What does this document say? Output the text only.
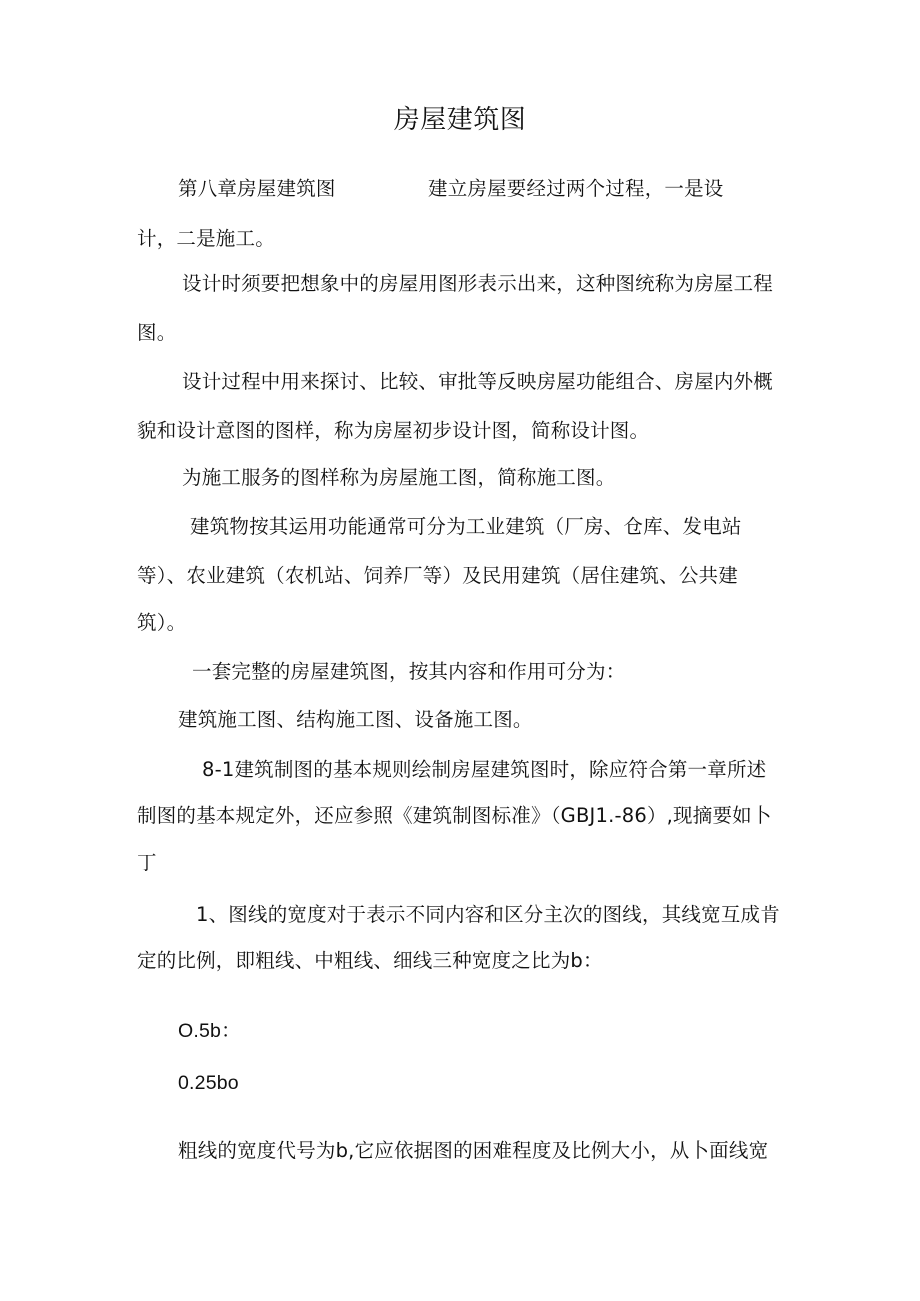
房屋建筑图
第八章房屋建筑图	建立房屋要经过两个过程，一是设
计，二是施工。
设计时须要把想象中的房屋用图形表示出来，这种图统称为房屋工程
图。
设计过程中用来探讨、比较、审批等反映房屋功能组合、房屋内外概
貌和设计意图的图样，称为房屋初步设计图，简称设计图。
为施工服务的图样称为房屋施工图，简称施工图。
建筑物按其运用功能通常可分为工业建筑（厂房、仓库、发电站
等）、农业建筑（农机站、饲养厂等）及民用建筑（居住建筑、公共建
筑）。
一套完整的房屋建筑图，按其内容和作用可分为：
建筑施工图、结构施工图、设备施工图。
8-1建筑制图的基本规则绘制房屋建筑图时，除应符合第一章所述
制图的基本规定外，还应参照《建筑制图标准》（GBJ1.-86）,现摘要如卜
丁
1、图线的宽度对于表示不同内容和区分主次的图线，其线宽互成肯
定的比例，即粗线、中粗线、细线三种宽度之比为b：
O.5b：
0.25bo
粗线的宽度代号为b,它应依据图的困难程度及比例大小，从卜面线宽
